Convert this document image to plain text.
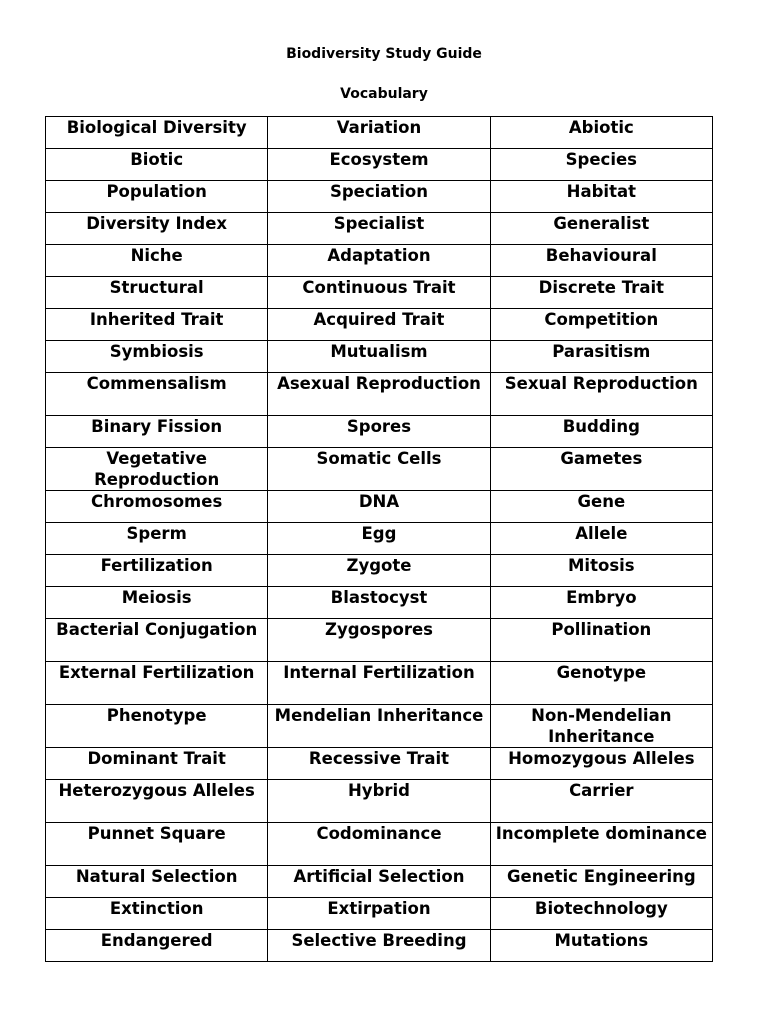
Biodiversity Study Guide
Vocabulary
Biological Diversity	Variation	Abiotic
Biotic	Ecosystem	Species
Population	Speciation	Habitat
Diversity Index	Specialist	Generalist
Niche	Adaptation	Behavioural
Structural	Continuous Trait	Discrete Trait
Inherited Trait	Acquired Trait	Competition
Symbiosis	Mutualism	Parasitism
Commensalism	Asexual Reproduction	Sexual Reproduction
Binary Fission	Spores	Budding
Vegetative Reproduction	Somatic Cells	Gametes
Chromosomes	DNA	Gene
Sperm	Egg	Allele
Fertilization	Zygote	Mitosis
Meiosis	Blastocyst	Embryo
Bacterial Conjugation	Zygospores	Pollination
External Fertilization	Internal Fertilization	Genotype
Phenotype	Mendelian Inheritance	Non-Mendelian Inheritance
Dominant Trait	Recessive Trait	Homozygous Alleles
Heterozygous Alleles	Hybrid	Carrier
Punnet Square	Codominance	Incomplete dominance
Natural Selection	Artificial Selection	Genetic Engineering
Extinction	Extirpation	Biotechnology
Endangered	Selective Breeding	Mutations
